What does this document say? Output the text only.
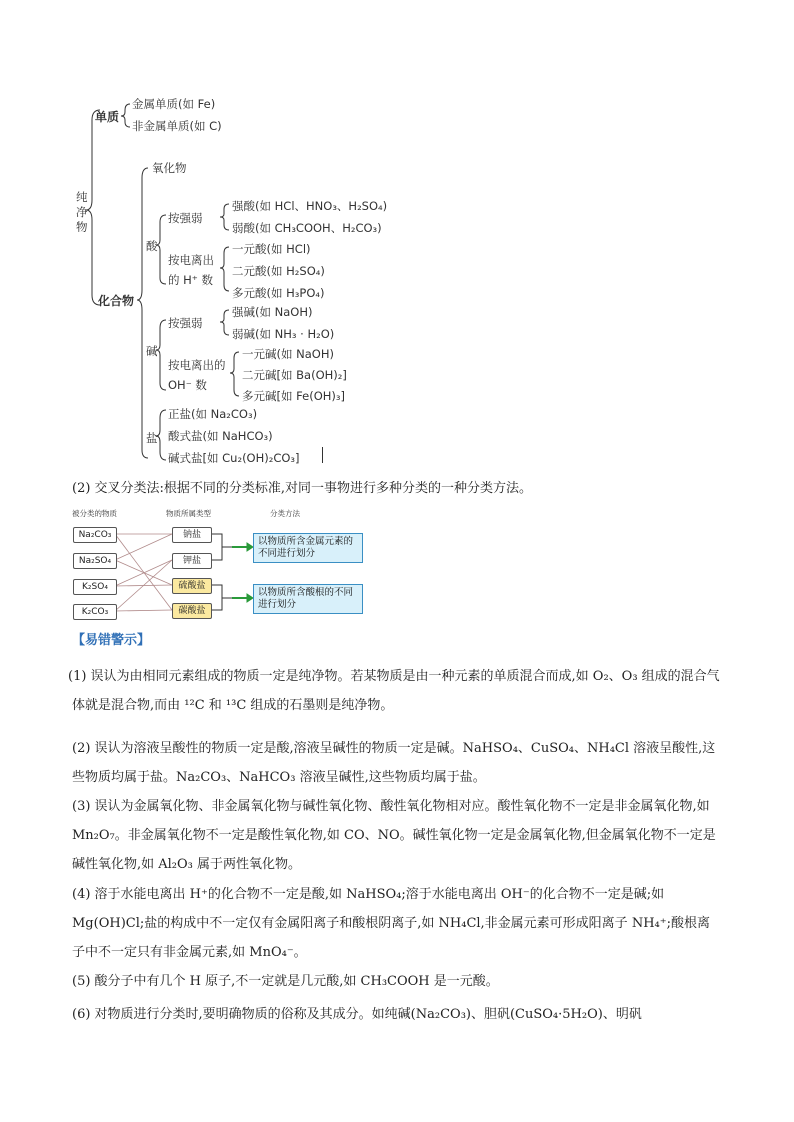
纯净物
单质
金属单质(如 Fe)
非金属单质(如 C)
化合物
氧化物
酸
按强弱
强酸(如 HCl、HNO₃、H₂SO₄)
弱酸(如 CH₃COOH、H₂CO₃)
按电离出
的 H⁺ 数
一元酸(如 HCl)
二元酸(如 H₂SO₄)
多元酸(如 H₃PO₄)
碱
按强弱
强碱(如 NaOH)
弱碱(如 NH₃ · H₂O)
按电离出的
OH⁻ 数
一元碱(如 NaOH)
二元碱[如 Ba(OH)₂]
多元碱[如 Fe(OH)₃]
盐
正盐(如 Na₂CO₃)
酸式盐(如 NaHCO₃)
碱式盐[如 Cu₂(OH)₂CO₃]
(2) 交叉分类法:根据不同的分类标准,对同一事物进行多种分类的一种分类方法。
被分类的物质	物质所属类型	分类方法
Na₂CO₃
Na₂SO₄
K₂SO₄
K₂CO₃
钠盐
钾盐
硫酸盐
碳酸盐
以物质所含金属元素的不同进行划分
以物质所含酸根的不同进行划分
【易错警示】
(1) 误认为由相同元素组成的物质一定是纯净物。若某物质是由一种元素的单质混合而成,如 O₂、O₃ 组成的混合气体就是混合物,而由 ¹²C 和 ¹³C 组成的石墨则是纯净物。
(2) 误认为溶液呈酸性的物质一定是酸,溶液呈碱性的物质一定是碱。NaHSO₄、CuSO₄、NH₄Cl 溶液呈酸性,这些物质均属于盐。Na₂CO₃、NaHCO₃ 溶液呈碱性,这些物质均属于盐。
(3) 误认为金属氧化物、非金属氧化物与碱性氧化物、酸性氧化物相对应。酸性氧化物不一定是非金属氧化物,如 Mn₂O₇。非金属氧化物不一定是酸性氧化物,如 CO、NO。碱性氧化物一定是金属氧化物,但金属氧化物不一定是碱性氧化物,如 Al₂O₃ 属于两性氧化物。
(4) 溶于水能电离出 H⁺的化合物不一定是酸,如 NaHSO₄;溶于水能电离出 OH⁻的化合物不一定是碱;如 Mg(OH)Cl;盐的构成中不一定仅有金属阳离子和酸根阴离子,如 NH₄Cl,非金属元素可形成阳离子 NH₄⁺;酸根离子中不一定只有非金属元素,如 MnO₄⁻。
(5) 酸分子中有几个 H 原子,不一定就是几元酸,如 CH₃COOH 是一元酸。
(6) 对物质进行分类时,要明确物质的俗称及其成分。如纯碱(Na₂CO₃)、胆矾(CuSO₄·5H₂O)、明矾
